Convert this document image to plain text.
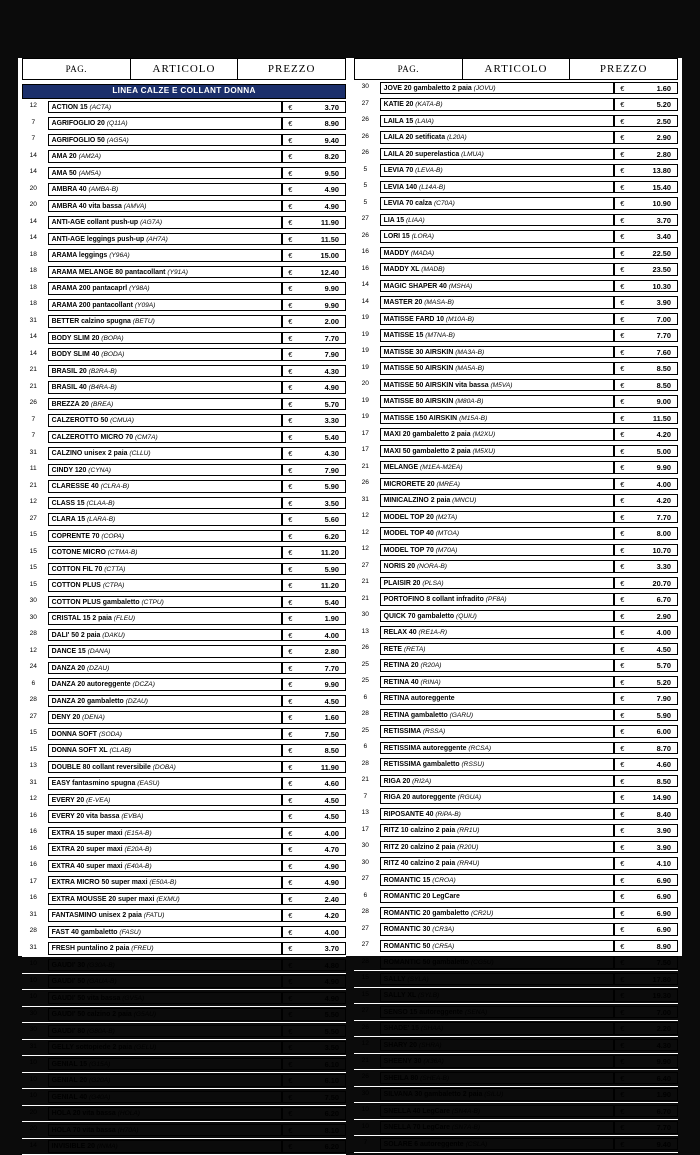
PAG.	ARTICOLO	PREZZO

LINEA CALZE E COLLANT DONNA
12	ACTION 15 (ACTA)	€ 3.70

7	AGRIFOGLIO 20 (Q11A)	€ 8.90

7	AGRIFOGLIO 50 (AG5A)	€ 9.40

14	AMA 20 (AM2A)	€ 8.20

14	AMA 50 (AM5A)	€ 9.50

20	AMBRA 40 (AMBA-B)	€ 4.90

20	AMBRA 40 vita bassa (AMVA)	€ 4.90

14	ANTI-AGE collant push-up (AG7A)	€ 11.90

14	ANTI-AGE leggings push-up (AH7A)	€ 11.50

18	ARAMA leggings (Y96A)	€ 15.00

18	ARAMA MELANGE 80 pantacollant (Y91A)	€ 12.40

18	ARAMA 200 pantacaprl (Y98A)	€ 9.90

18	ARAMA 200 pantacollant (Y09A)	€ 9.90

31	BETTER calzino spugna (BETU)	€ 2.00

14	BODY SLIM 20 (BOPA)	€ 7.70

14	BODY SLIM 40 (BODA)	€ 7.90

21	BRASIL 20 (B2RA-B)	€ 4.30

21	BRASIL 40 (B4RA-B)	€ 4.90

26	BREZZA 20 (BREA)	€ 5.70

7	CALZEROTTO 50 (CMUA)	€ 3.30

7	CALZEROTTO MICRO 70 (CM7A)	€ 5.40

31	CALZINO unisex 2 paia (CLLU)	€ 4.30

11	CINDY 120 (CYNA)	€ 7.90

21	CLARESSE 40 (CLRA-B)	€ 5.90

12	CLASS 15 (CLAA-B)	€ 3.50

27	CLARA 15 (LARA-B)	€ 5.60

15	COPRENTE 70 (COPA)	€ 6.20

15	COTONE MICRO (CTMA-B)	€ 11.20

15	COTTON FIL 70 (CTTA)	€ 5.90

15	COTTON PLUS (CTPA)	€ 11.20

30	COTTON PLUS gambaletto (CTPU)	€ 5.40

30	CRISTAL 15 2 paia (FLEU)	€ 1.90

28	DALI' 50 2 paia (DAKU)	€ 4.00

12	DANCE 15 (DANA)	€ 2.80

24	DANZA 20 (DZAU)	€ 7.70

6	DANZA 20 autoreggente (DCZA)	€ 9.90

28	DANZA 20 gambaletto (DZAU)	€ 4.50

27	DENY 20 (DENA)	€ 1.60

15	DONNA SOFT (SODA)	€ 7.50

15	DONNA SOFT XL (CLAB)	€ 8.50

13	DOUBLE 80 collant reversibile (DOBA)	€ 11.90

31	EASY fantasmino spugna (EASU)	€ 4.60

12	EVERY 20 (E-VEA)	€ 4.50

16	EVERY 20 vita bassa (EVBA)	€ 4.50

16	EXTRA 15 super maxi (E15A-B)	€ 4.00

16	EXTRA 20 super maxi (E20A-B)	€ 4.70

16	EXTRA 40 super maxi (E40A-B)	€ 4.90

17	EXTRA MICRO 50 super maxi (E50A-B)	€ 4.90

16	EXTRA MOUSSE 20 super maxi (EXMU)	€ 2.40

31	FANTASMINO unisex 2 paia (FATU)	€ 4.20

28	FAST 40 gambaletto (FASU)	€ 4.00

31	FRESH puntalino 2 paia (FREU)	€ 3.70

10	GAUDI' 30 (G30A-B)	€ 4.80

10	GAUDI' 50 (GAUA-B)	€ 4.90

10	GAUDI' 50 vita bassa (GV5A)	€ 4.90

30	GAUDI' 50 calzino 2 paia (G5AU)	€ 5.50

30	GAUDI' 80 (G80A-B)	€ 5.50

31	GELLY sottopiede 2 paia (GELU)	€ 3.50

10	GENIAL 15 (G15A)	€ 6.10

10	GENIAL 20 (G20A)	€ 6.10

10	GENIAL 40 (G40A)	€ 7.50

20	HOLA 20 vita bassa (HOLA)	€ 6.20

20	HOLA 70 vita bassa (H70A)	€ 8.10

14	INVISIBLE 20 (INMA)	€ 6.20
PAG.	ARTICOLO	PREZZO
30	JOVE 20 gambaletto 2 paia (JOVU)	€ 1.60

27	KATIE 20 (KATA-B)	€ 5.20

26	LAILA 15 (LAIA)	€ 2.50

26	LAILA 20 setificata (L20A)	€ 2.90

26	LAILA 20 superelastica (LMUA)	€ 2.80

5	LEVIA 70 (LEVA-B)	€ 13.80

5	LEVIA 140 (L14A-B)	€ 15.40

5	LEVIA 70 calza (C70A)	€ 10.90

27	LIA 15 (LIAA)	€ 3.70

26	LORI 15 (LORA)	€ 3.40

16	MADDY (MADA)	€ 22.50

16	MADDY XL (MADB)	€ 23.50

14	MAGIC SHAPER 40 (MSHA)	€ 10.30

14	MASTER 20 (MASA-B)	€ 3.90

19	MATISSE FARD 10 (M10A-B)	€ 7.00

19	MATISSE 15 (MTNA-B)	€ 7.70

19	MATISSE 30 AIRSKIN (MA3A-B)	€ 7.60

19	MATISSE 50 AIRSKIN (MA5A-B)	€ 8.50

20	MATISSE 50 AIRSKIN vita bassa (M5VA)	€ 8.50

19	MATISSE 80 AIRSKIN (M80A-B)	€ 9.00

19	MATISSE 150 AIRSKIN (M15A-B)	€ 11.50

17	MAXI 20 gambaletto 2 paia (M2XU)	€ 4.20

17	MAXI 50 gambaletto 2 paia (M5XU)	€ 5.00

21	MELANGE (M1EA-M2EA)	€ 9.90

26	MICRORETE 20 (MREA)	€ 4.00

31	MINICALZINO 2 paia (MNCU)	€ 4.20

12	MODEL TOP 20 (M2TA)	€ 7.70

12	MODEL TOP 40 (MTOA)	€ 8.00

12	MODEL TOP 70 (M70A)	€ 10.70

27	NORIS 20 (NORA-B)	€ 3.30

21	PLAISIR 20 (PLSA)	€ 20.70

21	PORTOFINO 8 collant infradito (PF8A)	€ 6.70

30	QUICK 70 gambaletto (QUIU)	€ 2.90

13	RELAX 40 (RE1A-R)	€ 4.00

26	RETE (RETA)	€ 4.50

25	RETINA 20 (R20A)	€ 5.70

25	RETINA 40 (RINA)	€ 5.20

6	RETINA autoreggente	€ 7.90

28	RETINA gambaletto (GARU)	€ 5.90

25	RETISSIMA (RSSA)	€ 6.00

6	RETISSIMA autoreggente (RCSA)	€ 8.70

28	RETISSIMA gambaletto (RSSU)	€ 4.60

21	RIGA 20 (RI2A)	€ 8.50

7	RIGA 20 autoreggente (RGUA)	€ 14.90

13	RIPOSANTE 40 (RiPA-B)	€ 8.40

17	RITZ 10 calzino 2 paia (RR1U)	€ 3.90

30	RITZ 20 calzino 2 paia (R20U)	€ 3.90

30	RITZ 40 calzino 2 paia (RR4U)	€ 4.10

27	ROMANTIC 15 (CROA)	€ 6.90

6	ROMANTIC 20 LegCare	€ 6.90

28	ROMANTIC 20 gambaletto (CR2U)	€ 6.90

27	ROMANTIC 30 (CR3A)	€ 6.90

27	ROMANTIC 50 (CR5A)	€ 8.90

28	ROMANTIC 50 gambaletto (CG5U)	€ 7.50

15	SALLY (SYLA)	€ 17.80

15	SALLY XL (SYLB)	€ 19.30

27	SENSO 15 autoreggente (SENA)	€ 7.00

26	SHADE' 15 (SHAA)	€ 2.20

12	SHARY 20 (SHRA)	€ 4.30

21	SHEENY 30 (X36A)	€ 9.90

26	SHEILA 80 (SHEA-B)	€ 6.40

30	SILVANA 30 gambaletto 2 paia (SILU)	€ 1.90

10	SNELLA 40 LegCare (SN4A-B)	€ 6.70

10	SNELLA 70 LegCare (SN7A-B)	€ 7.70

7	SOLARE 6 autoreggente (CSLA)	€ 9.40
